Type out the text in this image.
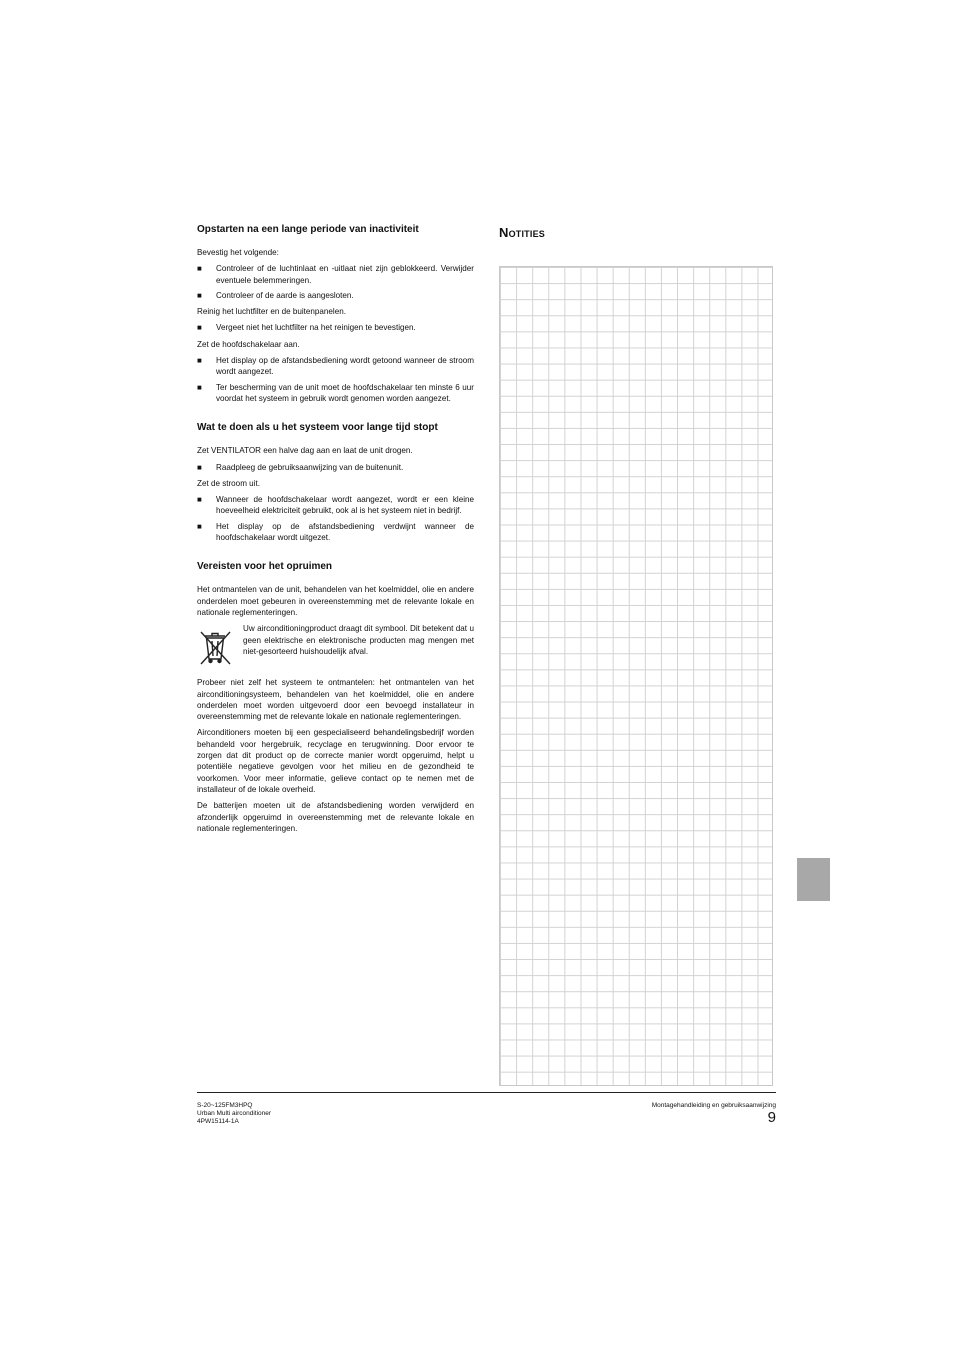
Opstarten na een lange periode van inactiviteit

Bevestig het volgende:

■ Controleer of de luchtinlaat en -uitlaat niet zijn geblokkeerd. Verwijder eventuele belemmeringen.
■ Controleer of de aarde is aangesloten.

Reinig het luchtfilter en de buitenpanelen.

■ Vergeet niet het luchtfilter na het reinigen te bevestigen.

Zet de hoofdschakelaar aan.

■ Het display op de afstandsbediening wordt getoond wanneer de stroom wordt aangezet.
■ Ter bescherming van de unit moet de hoofdschakelaar ten minste 6 uur voordat het systeem in gebruik wordt genomen worden aangezet.
Wat te doen als u het systeem voor lange tijd stopt

Zet VENTILATOR een halve dag aan en laat de unit drogen.

■ Raadpleeg de gebruiksaanwijzing van de buitenunit.

Zet de stroom uit.

■ Wanneer de hoofdschakelaar wordt aangezet, wordt er een kleine hoeveelheid elektriciteit gebruikt, ook al is het systeem niet in bedrijf.
■ Het display op de afstandsbediening verdwijnt wanneer de hoofdschakelaar wordt uitgezet.
Vereisten voor het opruimen

Het ontmantelen van de unit, behandelen van het koelmiddel, olie en andere onderdelen moet gebeuren in overeenstemming met de relevante lokale en nationale reglementeringen.

Uw airconditioningproduct draagt dit symbool. Dit betekent dat u geen elektrische en elektronische producten mag mengen met niet-gesorteerd huishoudelijk afval.

Probeer niet zelf het systeem te ontmantelen: het ontmantelen van het airconditioningsysteem, behandelen van het koelmiddel, olie en andere onderdelen moet worden uitgevoerd door een bevoegd installateur in overeenstemming met de relevante lokale en nationale reglementeringen.

Airconditioners moeten bij een gespecialiseerd behandelingsbedrijf worden behandeld voor hergebruik, recyclage en terugwinning. Door ervoor te zorgen dat dit product op de correcte manier wordt opgeruimd, helpt u potentiële negatieve gevolgen voor het milieu en de gezondheid te voorkomen. Voor meer informatie, gelieve contact op te nemen met de installateur of de lokale overheid.

De batterijen moeten uit de afstandsbediening worden verwijderd en afzonderlijk opgeruimd in overeenstemming met de relevante lokale en nationale reglementeringen.

Notities
S-20~125FM3HPQ
Urban Multi airconditioner
4PW15114-1A
Montagehandleiding en gebruiksaanwijzing
9
